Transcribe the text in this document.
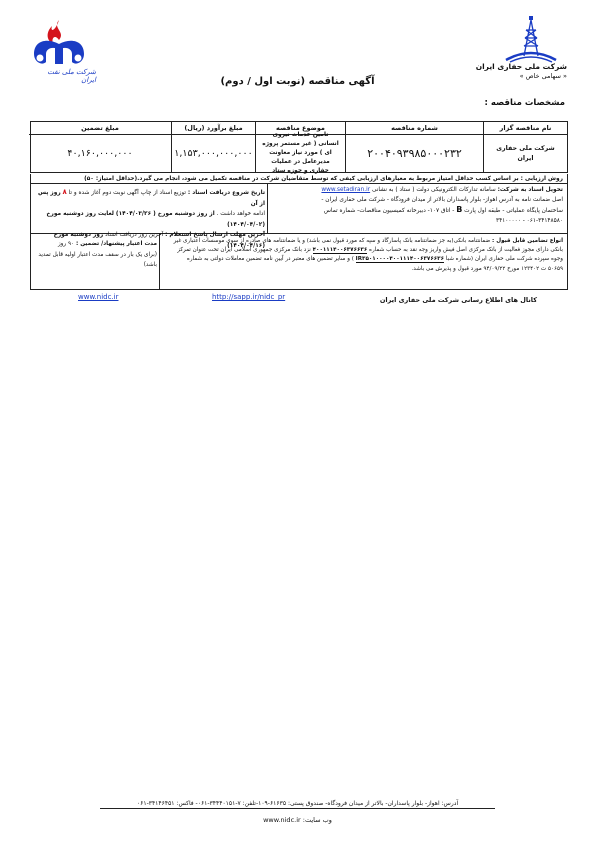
شرکت ملی حفاری ایران
« سهامی خاص »
شرکت ملی نفت ایران	آگهی مناقصه (نوبت اول / دوم)
مشخصات مناقصه :
نام مناقصه گزار
شرکت ملی حفاری ایران
شماره مناقصه
۲۰۰۴۰۹۳۹۸۵۰۰۰۲۳۲
موضوع مناقصه
تامین خدمات نیروی انسانی ( غیر مستمر پروژه ای ) مورد نیاز معاونت مدیرعامل در عملیات حفاری و حوزه ستاد
مبلغ برآورد (ریال)
۱,۱۵۳,۰۰۰,۰۰۰,۰۰۰
مبلغ تضمین
۴۰,۱۶۰,۰۰۰,۰۰۰
روش ارزیابی : بر اساس کسب حداقل امتیاز مربوط به معیارهای ارزیابی کیفی که توسط متقاضیان شرکت در مناقصه تکمیل می شود، انجام می گیرد.(حداقل امتیاز: ۵۰)
تحویل اسناد به شرکت: سامانه تدارکات الکترونیکی دولت ( ستاد ) به نشانی www.setadiran.ir
اصل ضمانت نامه به آدرس اهواز- بلوار پاسداران بالاتر از میدان فرودگاه - شرکت ملی حفاری ایران -
ساختمان پایگاه عملیاتی - طبقه اول پارت B - اتاق ۱۰۷- دبیرخانه کمیسیون مناقصات- شماره تماس
۰۶۱-۳۴۱۴۸۵۸۰ - ۳۴۱۰۰۰۰۰
تاریخ شروع دریافت اسناد : توزیع اسناد از چاپ آگهی نوبت دوم آغاز شده و تا ۸ روز پس از آن
ادامه خواهد داشت . از روز دوشنبه مورخ ( ۱۴۰۴/۰۳/۲۶) لغایت روز دوشنبه مورخ (۱۴۰۴/۰۴/۰۲)
آخرین مهلت ارسال پاسخ استعلام : آخرین روز دریافت اسناد روز دوشنبه مورخ (۱۴۰۴/۰۴/۱۶)
انواع تضامین قابل قبول : ضمانتنامه بانکی(به جز ضمانتنامه بانک پاسارگاد و سپه که مورد قبول نمی باشد) و یا ضمانتنامه های صادره از سوی موسسات اعتباری غیر
بانکی دارای مجوز فعالیت از بانک مرکزی اصل فیش واریز وجه نقد به حساب شماره ۴۰۰۱۱۱۴۰۰۶۳۷۶۶۳۶ نزد بانک مرکزی جمهوری اسلامی ایران تحت عنوان تمرکز
وجوه سپرده شرکت ملی حفاری ایران (شماره شبا IR۳۵۰۱۰۰۰۰۴۰۰۱۱۱۴۰۰۶۳۷۶۶۳۶ ) و سایر تضمین های معتبر در آیین نامه تضمین معاملات دولتی به شماره
۵۰۶۵۹ ت ۱۲۳۴۰۲ مورخ ۹۴/۰۹/۲۲ مورد قبول و پذیرش می باشد.
مدت اعتبار پیشنهاد/ تضمین : ۹۰ روز
(برای یک بار در سقف مدت اعتبار اولیه قابل تمدید باشد)
کانال های اطلاع رسانی شرکت ملی حفاری ایران
http://sapp.ir/nidc_pr
www.nidc.ir
آدرس: اهواز- بلوار پاسداران- بالاتر از میدان فرودگاه- صندوق پستی: ۶۱۶۳۵-۱۰۹-تلفن: ۷-۳۴۴۴۰۱۵۱-۰۶۱- فاکس: ۳۴۱۴۶۴۵۱-۰۶۱
وب سایت: www.nidc.ir
